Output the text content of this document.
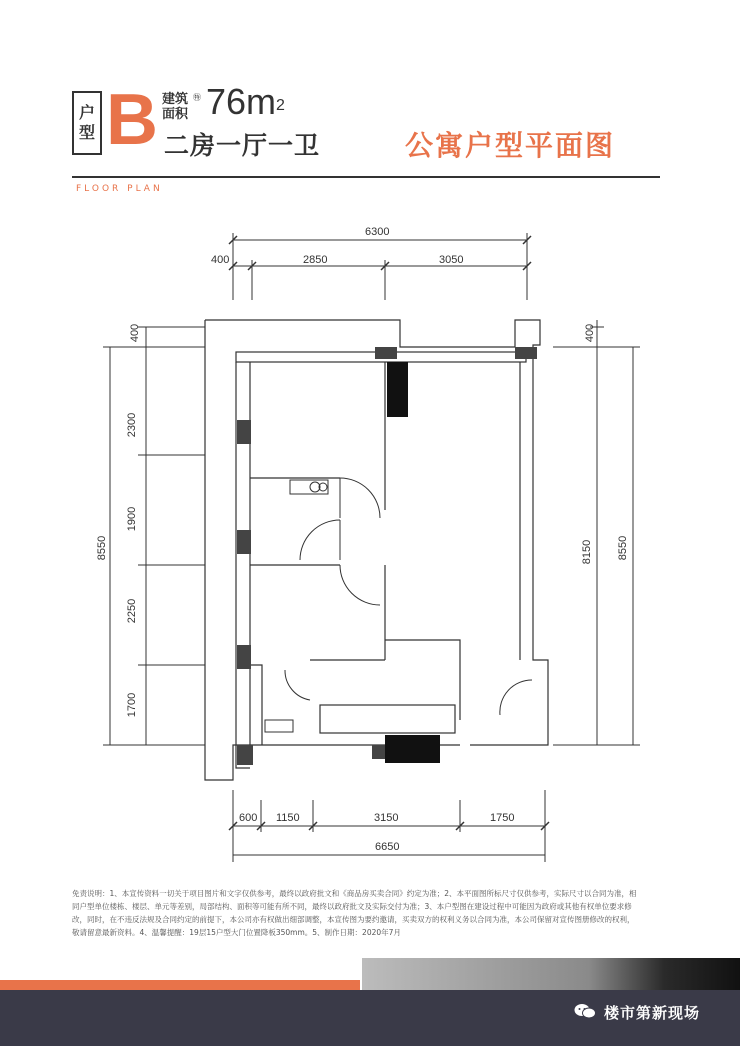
户
型 B 建筑面积
㊕ $76m^2$
二房一厅一卫	公寓户型平面图
FLOOR PLAN
6300
400	2850	3050
8550
400
2300
1900
2250
1700
400
8150 8550
600 1150	3150	1750
6650
免责说明：1、本宣传资料一切关于项目图片和文字仅供参考，最终以政府批文和《商品房买卖合同》约定为准；2、本平面图所标尺寸仅供参考，实际尺寸以合同为准，相
同户型单位楼栋、楼层、单元等差别，局部结构、面积等可能有所不同，最终以政府批文及实际交付为准；3、本户型图在建设过程中可能因为政府或其他有权单位要求修
改，同时，在不违反法规及合同约定的前提下，本公司亦有权做出细部调整，本宣传图为要约邀请，买卖双方的权利义务以合同为准，本公司保留对宣传图册修改的权利，
敬请留意最新资料。4、温馨提醒：19层15户型大门位置降板350mm。5、制作日期：2020年7月
楼市第新现场
